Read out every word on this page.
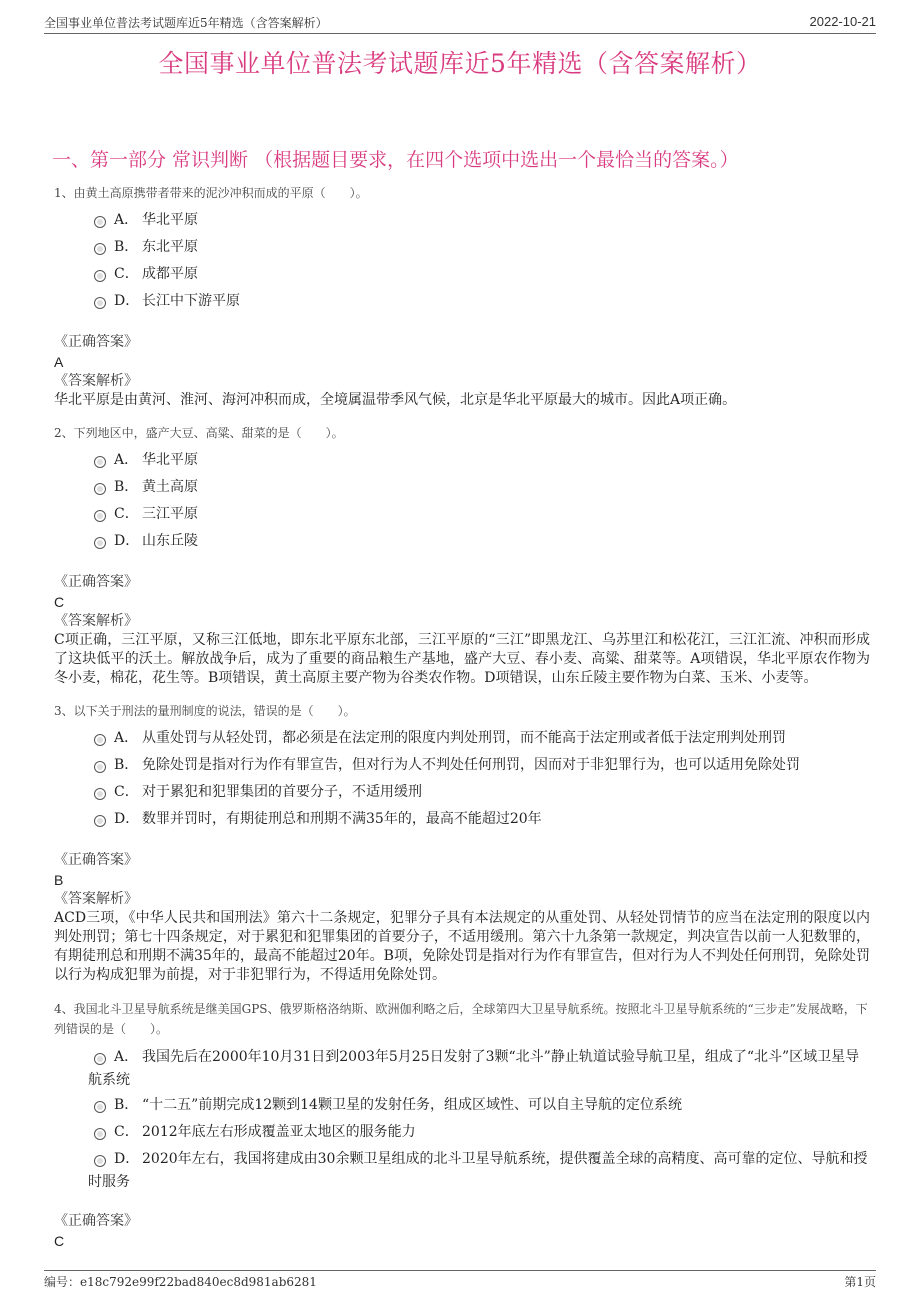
全国事业单位普法考试题库近5年精选（含答案解析）	2022-10-21
全国事业单位普法考试题库近5年精选（含答案解析）
一、第一部分 常识判断 （根据题目要求，在四个选项中选出一个最恰当的答案。）
1、由黄土高原携带者带来的泥沙冲积而成的平原（　　）。
A． 华北平原
B． 东北平原
C． 成都平原
D． 长江中下游平原
《正确答案》
A
《答案解析》
华北平原是由黄河、淮河、海河冲积而成，全境属温带季风气候，北京是华北平原最大的城市。因此A项正确。
2、下列地区中，盛产大豆、高粱、甜菜的是（　　）。
A． 华北平原
B． 黄土高原
C． 三江平原
D． 山东丘陵
《正确答案》
C
《答案解析》
C项正确，三江平原，又称三江低地，即东北平原东北部，三江平原的“三江”即黑龙江、乌苏里江和松花江，三江汇流、冲积而形成了这块低平的沃土。解放战争后，成为了重要的商品粮生产基地，盛产大豆、春小麦、高粱、甜菜等。A项错误，华北平原农作物为冬小麦，棉花，花生等。B项错误，黄土高原主要产物为谷类农作物。D项错误，山东丘陵主要作物为白菜、玉米、小麦等。
3、以下关于刑法的量刑制度的说法，错误的是（　　）。
A． 从重处罚与从轻处罚，都必须是在法定刑的限度内判处刑罚，而不能高于法定刑或者低于法定刑判处刑罚
B． 免除处罚是指对行为作有罪宣告，但对行为人不判处任何刑罚，因而对于非犯罪行为，也可以适用免除处罚
C． 对于累犯和犯罪集团的首要分子，不适用缓刑
D． 数罪并罚时，有期徒刑总和刑期不满35年的，最高不能超过20年
《正确答案》
B
《答案解析》
ACD三项，《中华人民共和国刑法》第六十二条规定，犯罪分子具有本法规定的从重处罚、从轻处罚情节的应当在法定刑的限度以内判处刑罚；第七十四条规定，对于累犯和犯罪集团的首要分子，不适用缓刑。第六十九条第一款规定，判决宣告以前一人犯数罪的，有期徒刑总和刑期不满35年的，最高不能超过20年。B项，免除处罚是指对行为作有罪宣告，但对行为人不判处任何刑罚，免除处罚以行为构成犯罪为前提，对于非犯罪行为，不得适用免除处罚。
4、我国北斗卫星导航系统是继美国GPS、俄罗斯格洛纳斯、欧洲伽利略之后，全球第四大卫星导航系统。按照北斗卫星导航系统的“三步走”发展战略，下列错误的是（　　）。
A． 我国先后在2000年10月31日到2003年5月25日发射了3颗“北斗”静止轨道试验导航卫星，组成了“北斗”区域卫星导航系统
B． “十二五”前期完成12颗到14颗卫星的发射任务，组成区域性、可以自主导航的定位系统
C． 2012年底左右形成覆盖亚太地区的服务能力
D． 2020年左右，我国将建成由30余颗卫星组成的北斗卫星导航系统，提供覆盖全球的高精度、高可靠的定位、导航和授时服务
《正确答案》
C
编号：e18c792e99f22bad840ec8d981ab6281	第1页
